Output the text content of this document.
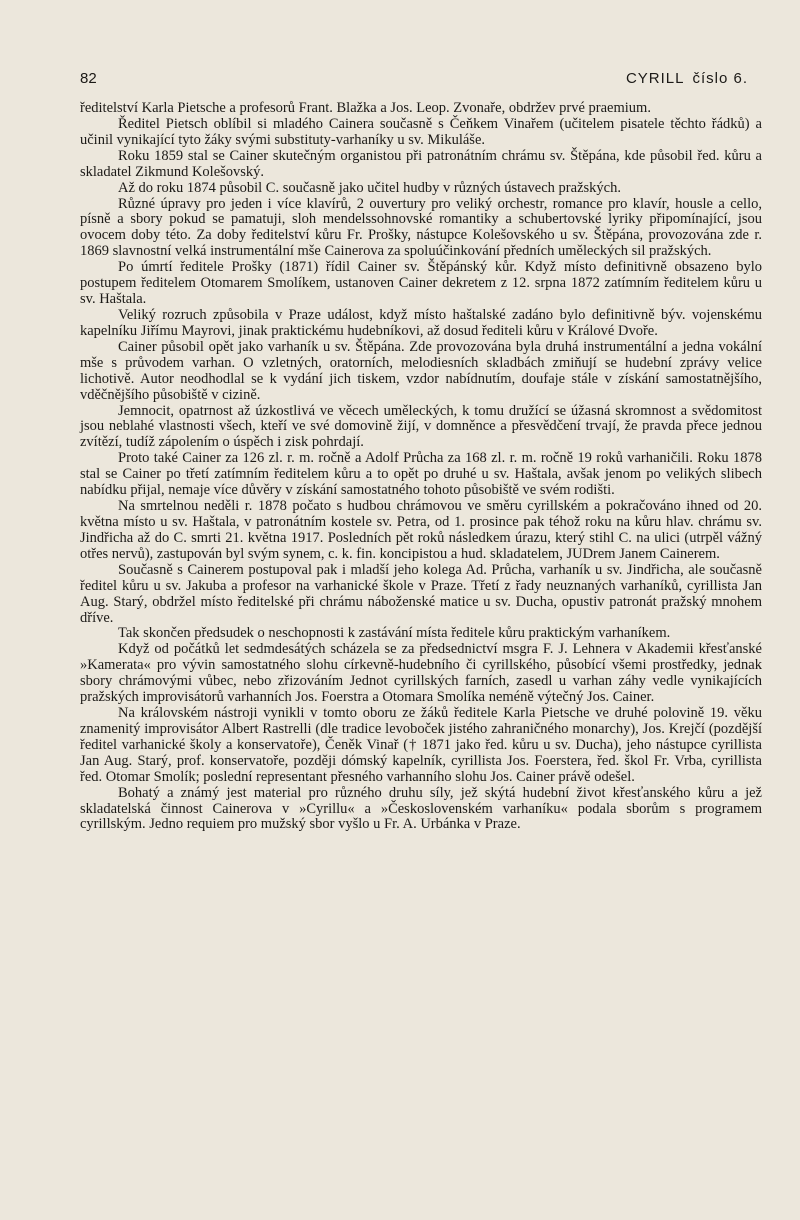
82	CYRILL číslo 6.

ředitelství Karla Pietsche a profesorů Frant. Blažka a Jos. Leop. Zvonaře, obdržev prvé praemium.

Ředitel Pietsch oblíbil si mladého Cainera současně s Čeňkem Vinařem (učitelem pisatele těchto řádků) a učinil vynikající tyto žáky svými substituty-varhaníky u sv. Mikuláše.

Roku 1859 stal se Cainer skutečným organistou při patronátním chrámu sv. Štěpána, kde působil řed. kůru a skladatel Zikmund Kolešovský.

Až do roku 1874 působil C. současně jako učitel hudby v různých ústavech pražských.

Různé úpravy pro jeden i více klavírů, 2 ouvertury pro veliký orchestr, romance pro klavír, housle a cello, písně a sbory pokud se pamatuji, sloh mendelssohnovské romantiky a schubertovské lyriky připomínající, jsou ovocem doby této. Za doby ředitelství kůru Fr. Prošky, nástupce Kolešovského u sv. Štěpána, provozována zde r. 1869 slavnostní velká instrumentální mše Cainerova za spoluúčinkování předních uměleckých sil pražských.

Po úmrtí ředitele Prošky (1871) řídil Cainer sv. Štěpánský kůr. Když místo definitivně obsazeno bylo postupem ředitelem Otomarem Smolíkem, ustanoven Cainer dekretem z 12. srpna 1872 zatímním ředitelem kůru u sv. Haštala.

Veliký rozruch způsobila v Praze událost, když místo haštalské zadáno bylo definitivně býv. vojenskému kapelníku Jiřímu Mayrovi, jinak praktickému hudebníkovi, až dosud řediteli kůru v Králové Dvoře.

Cainer působil opět jako varhaník u sv. Štěpána. Zde provozována byla druhá instrumentální a jedna vokální mše s průvodem varhan. O vzletných, oratorních, melodiesních skladbách zmiňují se hudební zprávy velice lichotivě. Autor neodhodlal se k vydání jich tiskem, vzdor nabídnutím, doufaje stále v získání samostatnějšího, vděčnějšího působiště v cizině.

Jemnocit, opatrnost až úzkostlivá ve věcech uměleckých, k tomu družící se úžasná skromnost a svědomitost jsou neblahé vlastnosti všech, kteří ve své domovině žijí, v domněnce a přesvědčení trvají, že pravda přece jednou zvítězí, tudíž zápolením o úspěch i zisk pohrdají.

Proto také Cainer za 126 zl. r. m. ročně a Adolf Průcha za 168 zl. r. m. ročně 19 roků varhaničili. Roku 1878 stal se Cainer po třetí zatímním ředitelem kůru a to opět po druhé u sv. Haštala, avšak jenom po velikých slibech nabídku přijal, nemaje více důvěry v získání samostatného tohoto působiště ve svém rodišti.

Na smrtelnou neděli r. 1878 počato s hudbou chrámovou ve směru cyrillském a pokračováno ihned od 20. května místo u sv. Haštala, v patronátním kostele sv. Petra, od 1. prosince pak téhož roku na kůru hlav. chrámu sv. Jindřicha až do C. smrti 21. května 1917. Posledních pět roků následkem úrazu, který stihl C. na ulici (utrpěl vážný otřes nervů), zastupován byl svým synem, c. k. fin. koncipistou a hud. skladatelem, JUDrem Janem Cainerem.

Současně s Cainerem postupoval pak i mladší jeho kolega Ad. Průcha, varhaník u sv. Jindřicha, ale současně ředitel kůru u sv. Jakuba a profesor na varhanické škole v Praze. Třetí z řady neuznaných varhaníků, cyrillista Jan Aug. Starý, obdržel místo ředitelské při chrámu náboženské matice u sv. Ducha, opustiv patronát pražský mnohem dříve.

Tak skončen předsudek o neschopnosti k zastávání místa ředitele kůru praktickým varhaníkem.

Když od počátků let sedmdesátých scházela se za předsednictví msgra F. J. Lehnera v Akademii křesťanské »Kamerata« pro vývin samostatného slohu církevně-hudebního či cyrillského, působící všemi prostředky, jednak sbory chrámovými vůbec, nebo zřizováním Jednot cyrillských farních, zasedl u varhan záhy vedle vynikajících pražských improvisátorů varhanních Jos. Foerstra a Otomara Smolíka neméně výtečný Jos. Cainer.

Na královském nástroji vynikli v tomto oboru ze žáků ředitele Karla Pietsche ve druhé polovině 19. věku znamenitý improvisátor Albert Rastrelli (dle tradice levoboček jistého zahraničného monarchy), Jos. Krejčí (pozdější ředitel varhanické školy a konservatoře), Čeněk Vinař († 1871 jako řed. kůru u sv. Ducha), jeho nástupce cyrillista Jan Aug. Starý, prof. konservatoře, později dómský kapelník, cyrillista Jos. Foerstera, řed. škol Fr. Vrba, cyrillista řed. Otomar Smolík; poslední representant přesného varhanního slohu Jos. Cainer právě odešel.

Bohatý a známý jest material pro různého druhu síly, jež skýtá hudební život křesťanského kůru a jež skladatelská činnost Cainerova v »Cyrillu« a »Československém varhaníku« podala sborům s programem cyrillským. Jedno requiem pro mužský sbor vyšlo u Fr. A. Urbánka v Praze.
